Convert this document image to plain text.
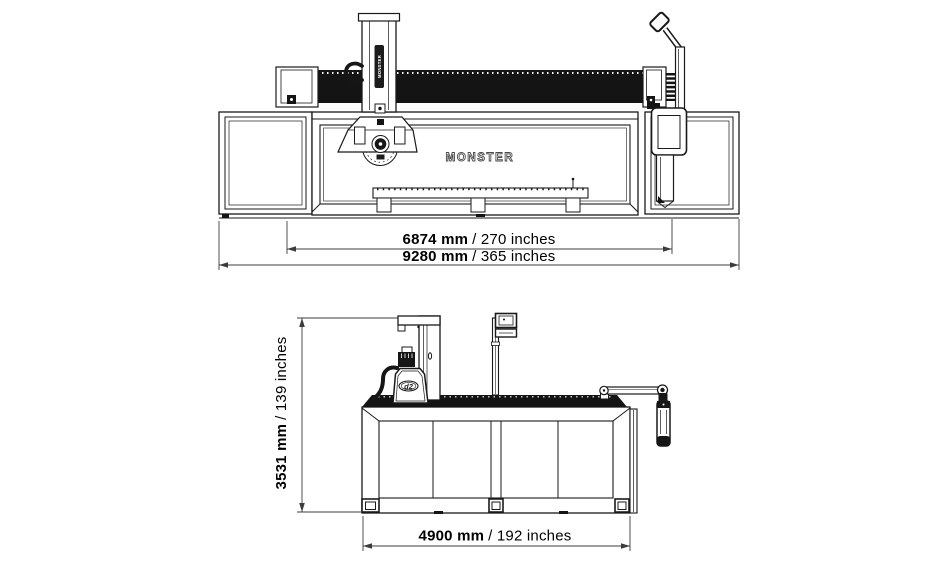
MONSTER
MONSTER
6874 mm / 270 inches
9280 mm / 365 inches
d2
3531 mm/ 139 inches
4900 mm / 192 inches
